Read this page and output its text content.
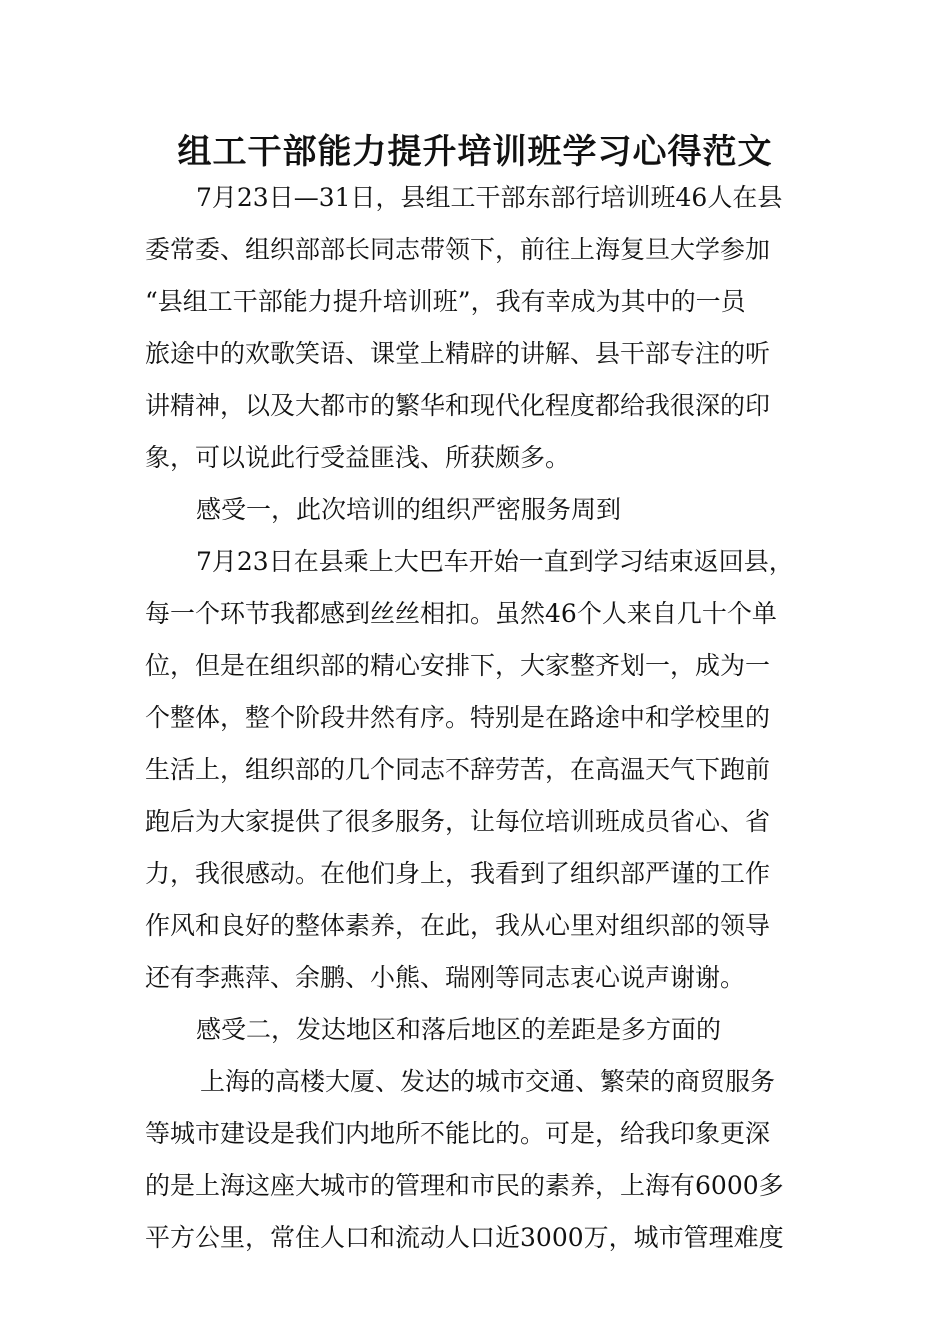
组工干部能力提升培训班学习心得范文

7月23日—31日，县组工干部东部行培训班46人在县

委常委、组织部部长同志带领下，前往上海复旦大学参加

“县组工干部能力提升培训班”，我有幸成为其中的一员

旅途中的欢歌笑语、课堂上精辟的讲解、县干部专注的听

讲精神，以及大都市的繁华和现代化程度都给我很深的印

象，可以说此行受益匪浅、所获颇多。

感受一，此次培训的组织严密服务周到

7月23日在县乘上大巴车开始一直到学习结束返回县，

每一个环节我都感到丝丝相扣。虽然46个人来自几十个单

位，但是在组织部的精心安排下，大家整齐划一，成为一

个整体，整个阶段井然有序。特别是在路途中和学校里的

生活上，组织部的几个同志不辞劳苦，在高温天气下跑前

跑后为大家提供了很多服务，让每位培训班成员省心、省

力，我很感动。在他们身上，我看到了组织部严谨的工作

作风和良好的整体素养，在此，我从心里对组织部的领导

还有李燕萍、余鹏、小熊、瑞刚等同志衷心说声谢谢。

感受二，发达地区和落后地区的差距是多方面的

上海的高楼大厦、发达的城市交通、繁荣的商贸服务

等城市建设是我们内地所不能比的。可是，给我印象更深

的是上海这座大城市的管理和市民的素养，上海有6000多

平方公里，常住人口和流动人口近3000万，城市管理难度
